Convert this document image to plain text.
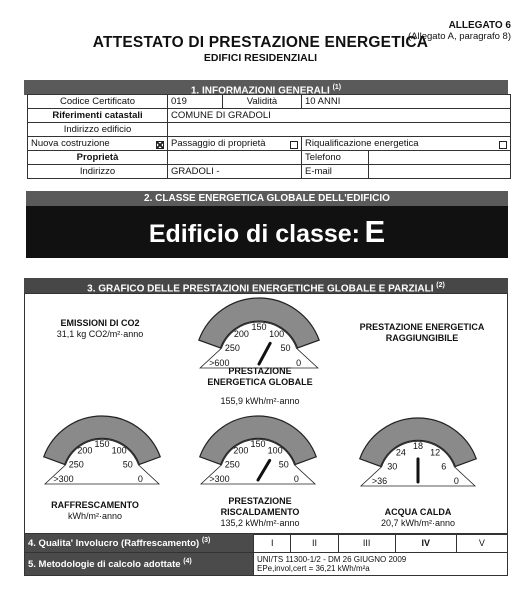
ALLEGATO 6
(Allegato A, paragrafo 8)
ATTESTATO DI PRESTAZIONE ENERGETICA
EDIFICI RESIDENZIALI
1. INFORMAZIONI GENERALI $^{(1)}$
Codice Certificato	019	Validità	10 ANNI	
Riferimenti catastali	COMUNE DI GRADOLI			
Indirizzo edificio				
Nuova costruzione	Passaggio di proprietà		Riqualificazione energetica	

Proprietà			Telefono	
Indirizzo	GRADOLI -		E-mail	
2. CLASSE ENERGETICA GLOBALE DELL'EDIFICIO
Edificio di classe: E
3. GRAFICO DELLE PRESTAZIONI ENERGETICHE GLOBALE E PARZIALI $^{(2)}$
EMISSIONI DI CO2
31,1 kg CO2/m²·anno
PRESTAZIONE ENERGETICA RAGGIUNGIBILE
250
200
150
100
50
>600	0
250
200
150
100
50
>300	0
250
200
150
100
50
>300	0
30
24
18
12
6
>36	0
PRESTAZIONE
ENERGETICA GLOBALE
155,9 kWh/m²·anno
RAFFRESCAMENTO
kWh/m²·anno
PRESTAZIONE
RISCALDAMENTO
135,2 kWh/m²·anno
ACQUA CALDA
20,7 kWh/m²·anno
4. Qualita' Involucro (Raffrescamento) $^{(3)}$	I	II	III	IV	V
5. Metodologie di calcolo adottate $^{(4)}$	UNI/TS 11300-1/2 - DM 26 GIUGNO 2009
EPe,invol,cert = 36,21 kWh/m²a				
